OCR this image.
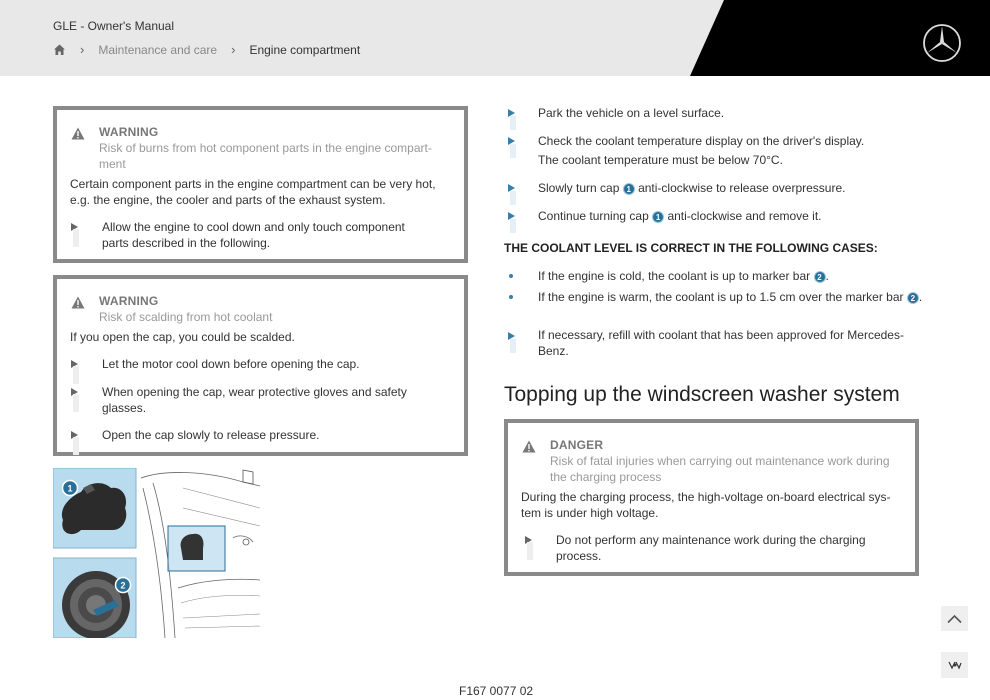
GLE - Owner's Manual
› Maintenance and care › Engine compartment
WARNING
Risk of burns from hot component parts in the engine compart-
ment
Certain component parts in the engine compartment can be very hot,
e.g. the engine, the cooler and parts of the exhaust system.
Allow the engine to cool down and only touch component
parts described in the following.
WARNING
Risk of scalding from hot coolant
If you open the cap, you could be scalded.
Let the motor cool down before opening the cap.
When opening the cap, wear protective gloves and safety
glasses.
Open the cap slowly to release pressure.
1
2
Park the vehicle on a level surface.
Check the coolant temperature display on the driver's display.
The coolant temperature must be below 70°C.
Slowly turn cap 1 anti-clockwise to release overpressure.
Continue turning cap 1 anti-clockwise and remove it.
THE COOLANT LEVEL IS CORRECT IN THE FOLLOWING CASES:
If the engine is cold, the coolant is up to marker bar 2 .
If the engine is warm, the coolant is up to 1.5 cm over the marker bar 2 .
If necessary, refill with coolant that has been approved for Mercedes-
Benz.
Topping up the windscreen washer system
DANGER
Risk of fatal injuries when carrying out maintenance work during
the charging process
During the charging process, the high-voltage on-board electrical sys-
tem is under high voltage.
Do not perform any maintenance work during the charging
process.
F167 0077 02
